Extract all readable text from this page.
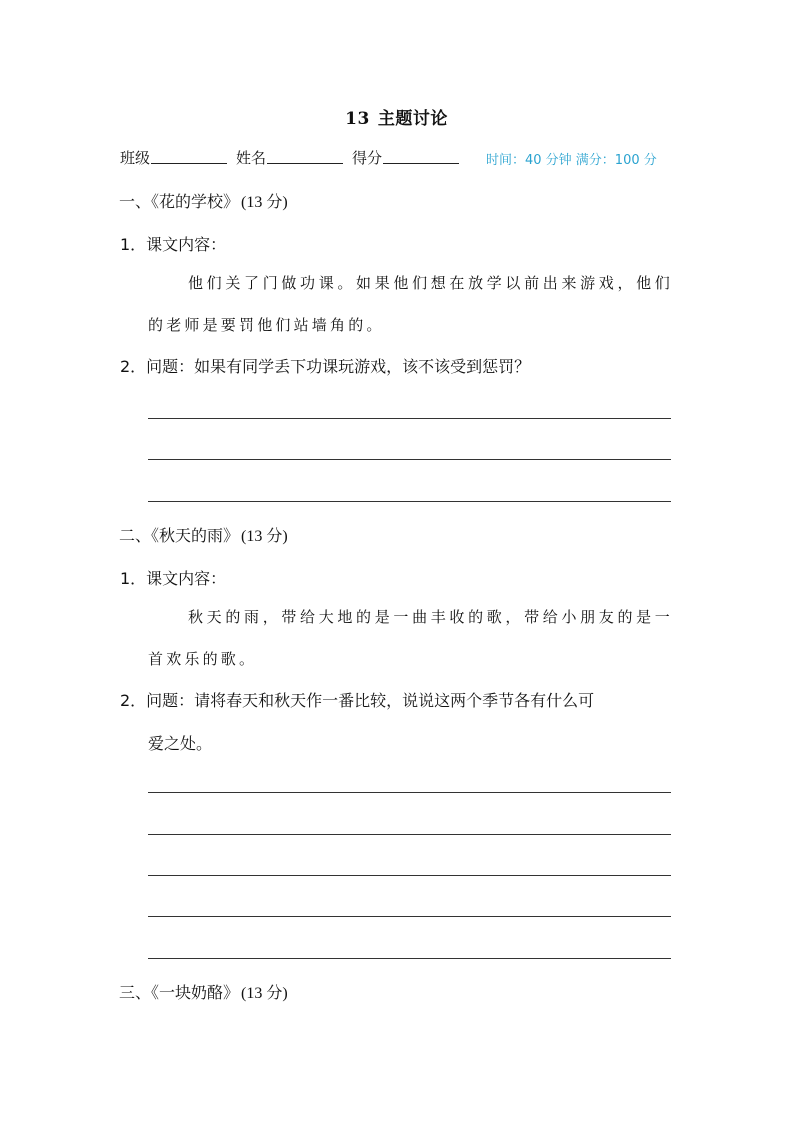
13 主题讨论
班级	姓名	得分	时间：40 分钟 满分：100 分
一、《花的学校》 (13 分)
1．课文内容：
他们关了门做功课。如果他们想在放学以前出来游戏，他们的老师是要罚他们站墙角的。
2．问题：如果有同学丢下功课玩游戏，该不该受到惩罚？
二、《秋天的雨》 (13 分)
1．课文内容：
秋天的雨，带给大地的是一曲丰收的歌，带给小朋友的是一首欢乐的歌。
2．问题：请将春天和秋天作一番比较，说说这两个季节各有什么可
爱之处。
三、《一块奶酪》 (13 分)
